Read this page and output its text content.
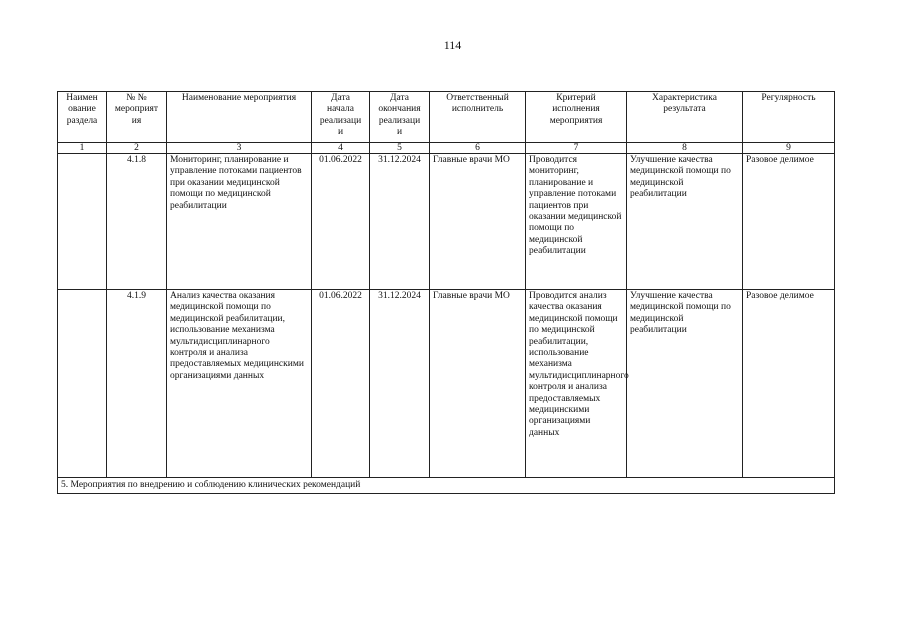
114
Наимен
ование
раздела	№ №
мероприят
ия	Наименование мероприятия	Дата
начала
реализаци
и	Дата
окончания
реализаци
и	Ответственный
исполнитель	Критерий
исполнения
мероприятия	Характеристика
результата	Регулярность
1	2	3	4	5	6	7	8	9
	4.1.8	Мониторинг, планирование и управление потоками пациентов при оказании медицинской помощи по медицинской реабилитации	01.06.2022	31.12.2024	Главные врачи МО	Проводится мониторинг, планирование и управление потоками пациентов при оказании медицинской помощи по медицинской реабилитации	Улучшение качества медицинской помощи по медицинской реабилитации	Разовое делимое
	4.1.9	Анализ качества оказания медицинской помощи по медицинской реабилитации, использование механизма мультидисциплинарного контроля и анализа предоставляемых медицинскими организациями данных	01.06.2022	31.12.2024	Главные врачи МО	Проводится анализ качества оказания медицинской помощи по медицинской реабилитации, использование механизма мультидисциплинарного контроля и анализа предоставляемых медицинскими организациями данных	Улучшение качества медицинской помощи по медицинской реабилитации	Разовое делимое
5. Мероприятия по внедрению и соблюдению клинических рекомендаций								
